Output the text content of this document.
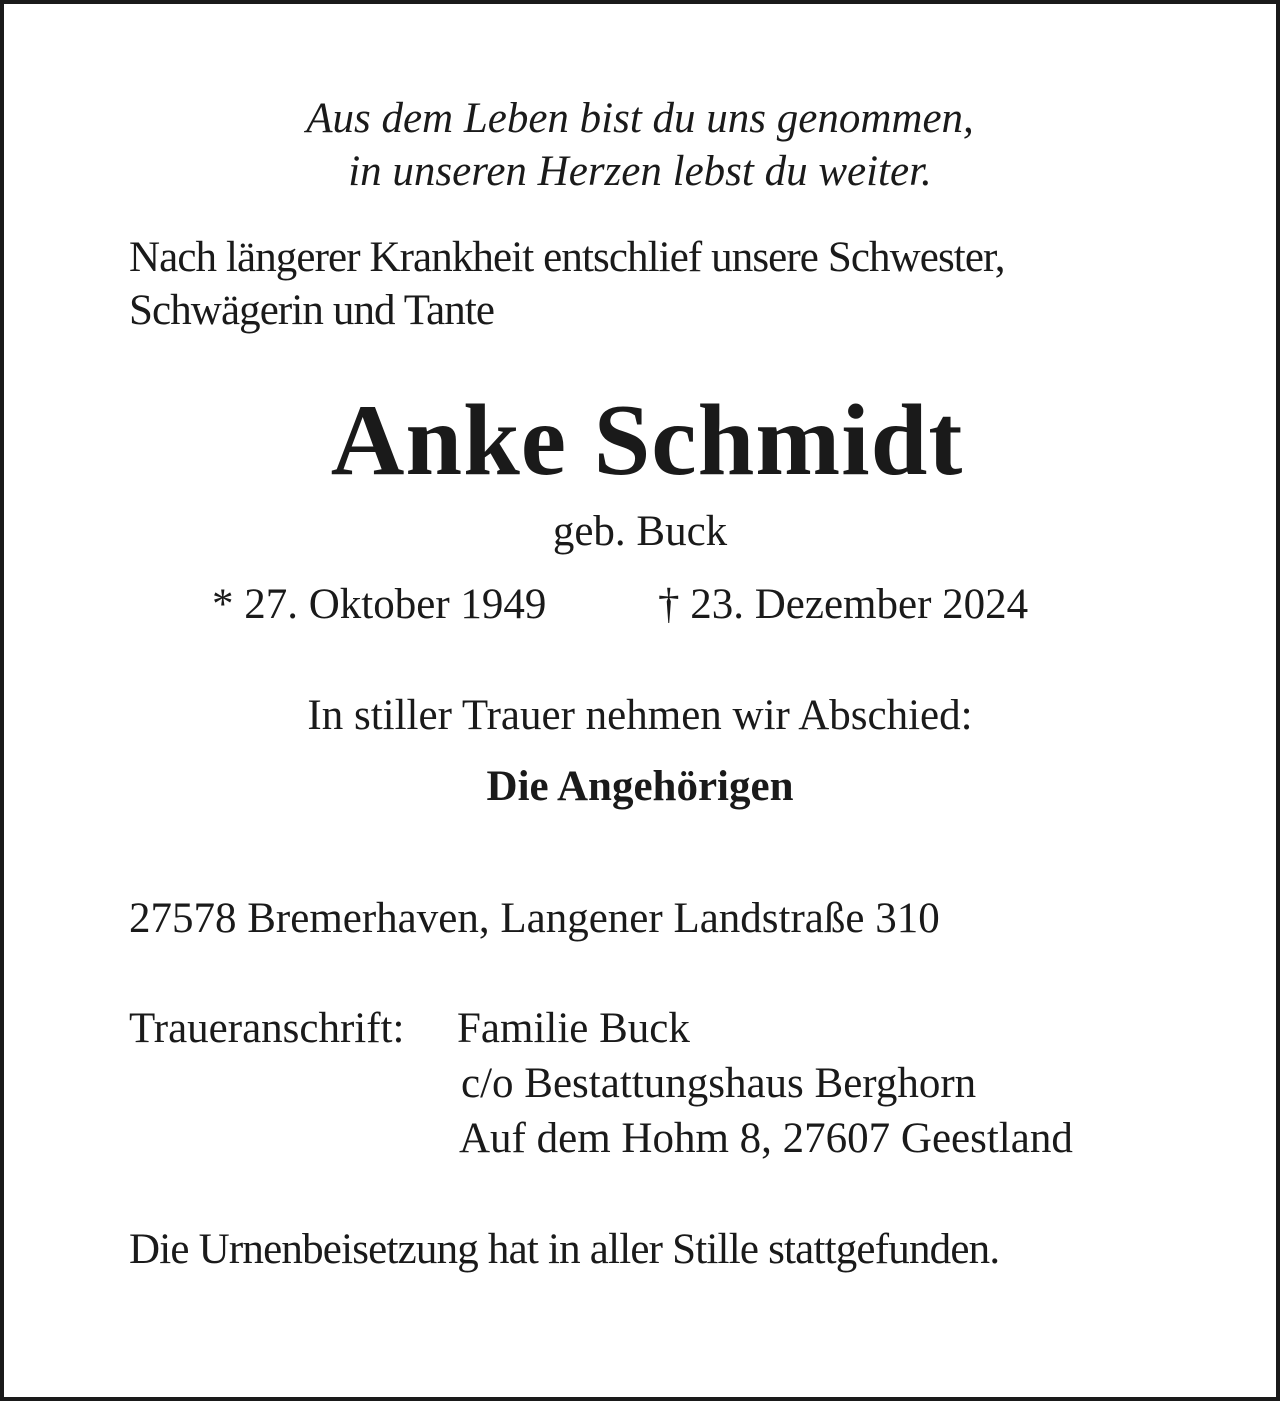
Aus dem Leben bist du uns genommen,
in unseren Herzen lebst du weiter.
Nach längerer Krankheit entschlief unsere Schwester,
Schwägerin und Tante
Anke Schmidt
geb. Buck
* 27. Oktober 1949	† 23. Dezember 2024
In stiller Trauer nehmen wir Abschied:
Die Angehörigen
27578 Bremerhaven, Langener Landstraße 310
Traueranschrift: Familie Buck
c/o Bestattungshaus Berghorn
Auf dem Hohm 8, 27607 Geestland
Die Urnenbeisetzung hat in aller Stille stattgefunden.
